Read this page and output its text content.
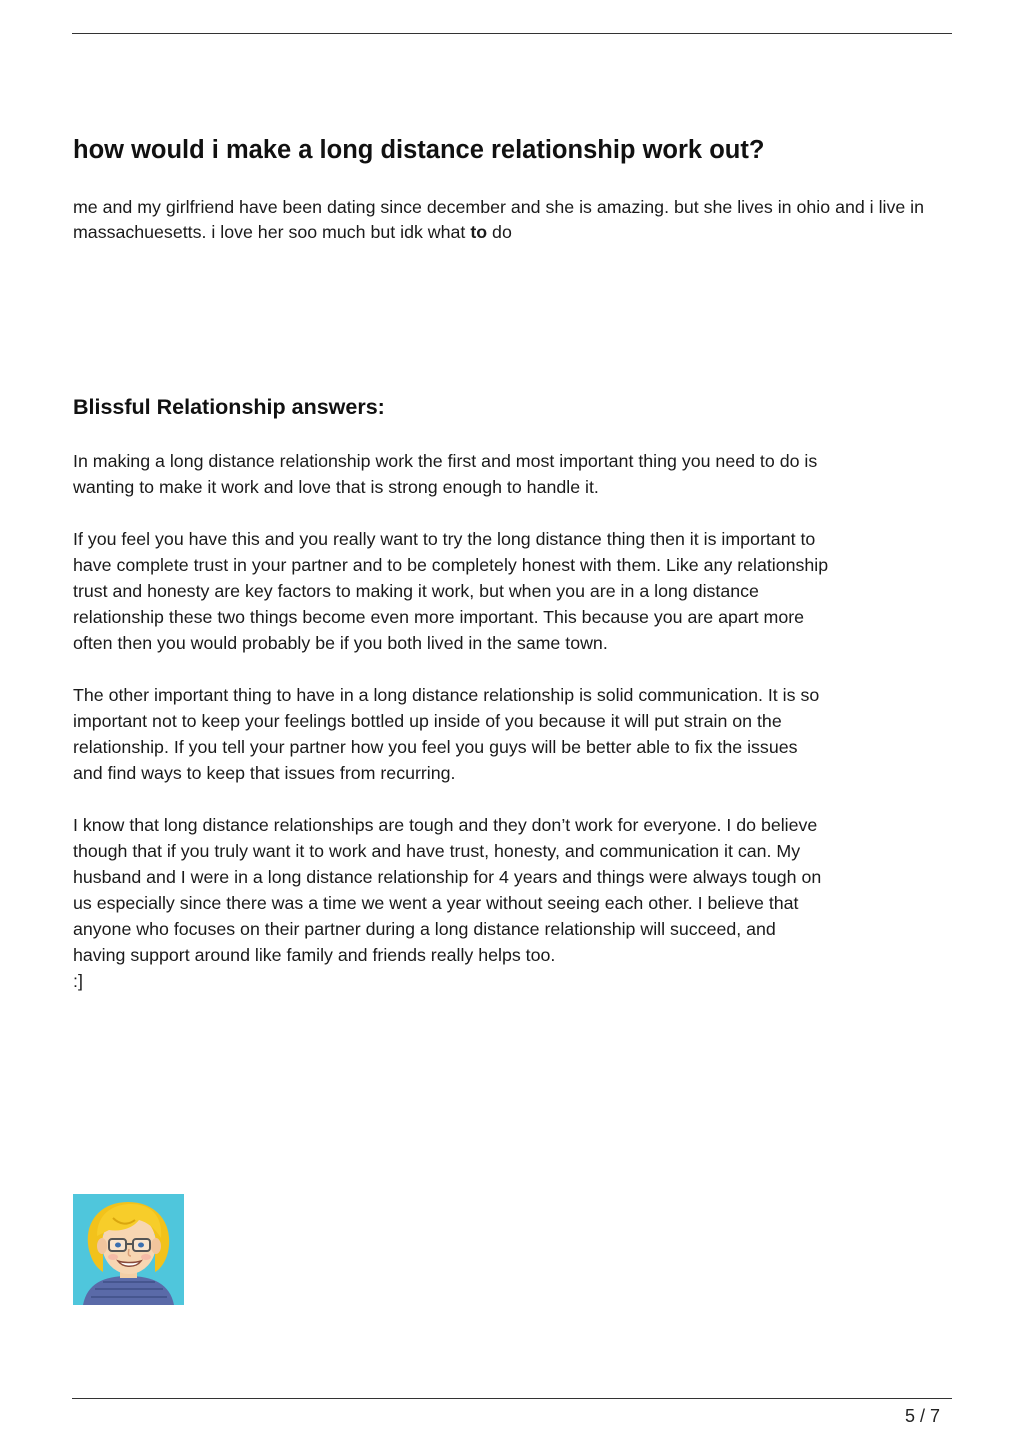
how would i make a long distance relationship work out?

me and my girlfriend have been dating since december and she is amazing. but she lives in ohio and i live in massachuesetts. i love her soo much but idk what to do

Blissful Relationship answers:

In making a long distance relationship work the first and most important thing you need to do is
wanting to make it work and love that is strong enough to handle it.

If you feel you have this and you really want to try the long distance thing then it is important to
have complete trust in your partner and to be completely honest with them. Like any relationship
trust and honesty are key factors to making it work, but when you are in a long distance
relationship these two things become even more important. This because you are apart more
often then you would probably be if you both lived in the same town.

The other important thing to have in a long distance relationship is solid communication. It is so
important not to keep your feelings bottled up inside of you because it will put strain on the
relationship. If you tell your partner how you feel you guys will be better able to fix the issues
and find ways to keep that issues from recurring.

I know that long distance relationships are tough and they don’t work for everyone. I do believe
though that if you truly want it to work and have trust, honesty, and communication it can. My
husband and I were in a long distance relationship for 4 years and things were always tough on
us especially since there was a time we went a year without seeing each other. I believe that
anyone who focuses on their partner during a long distance relationship will succeed, and
having support around like family and friends really helps too.
:]

5 / 7
